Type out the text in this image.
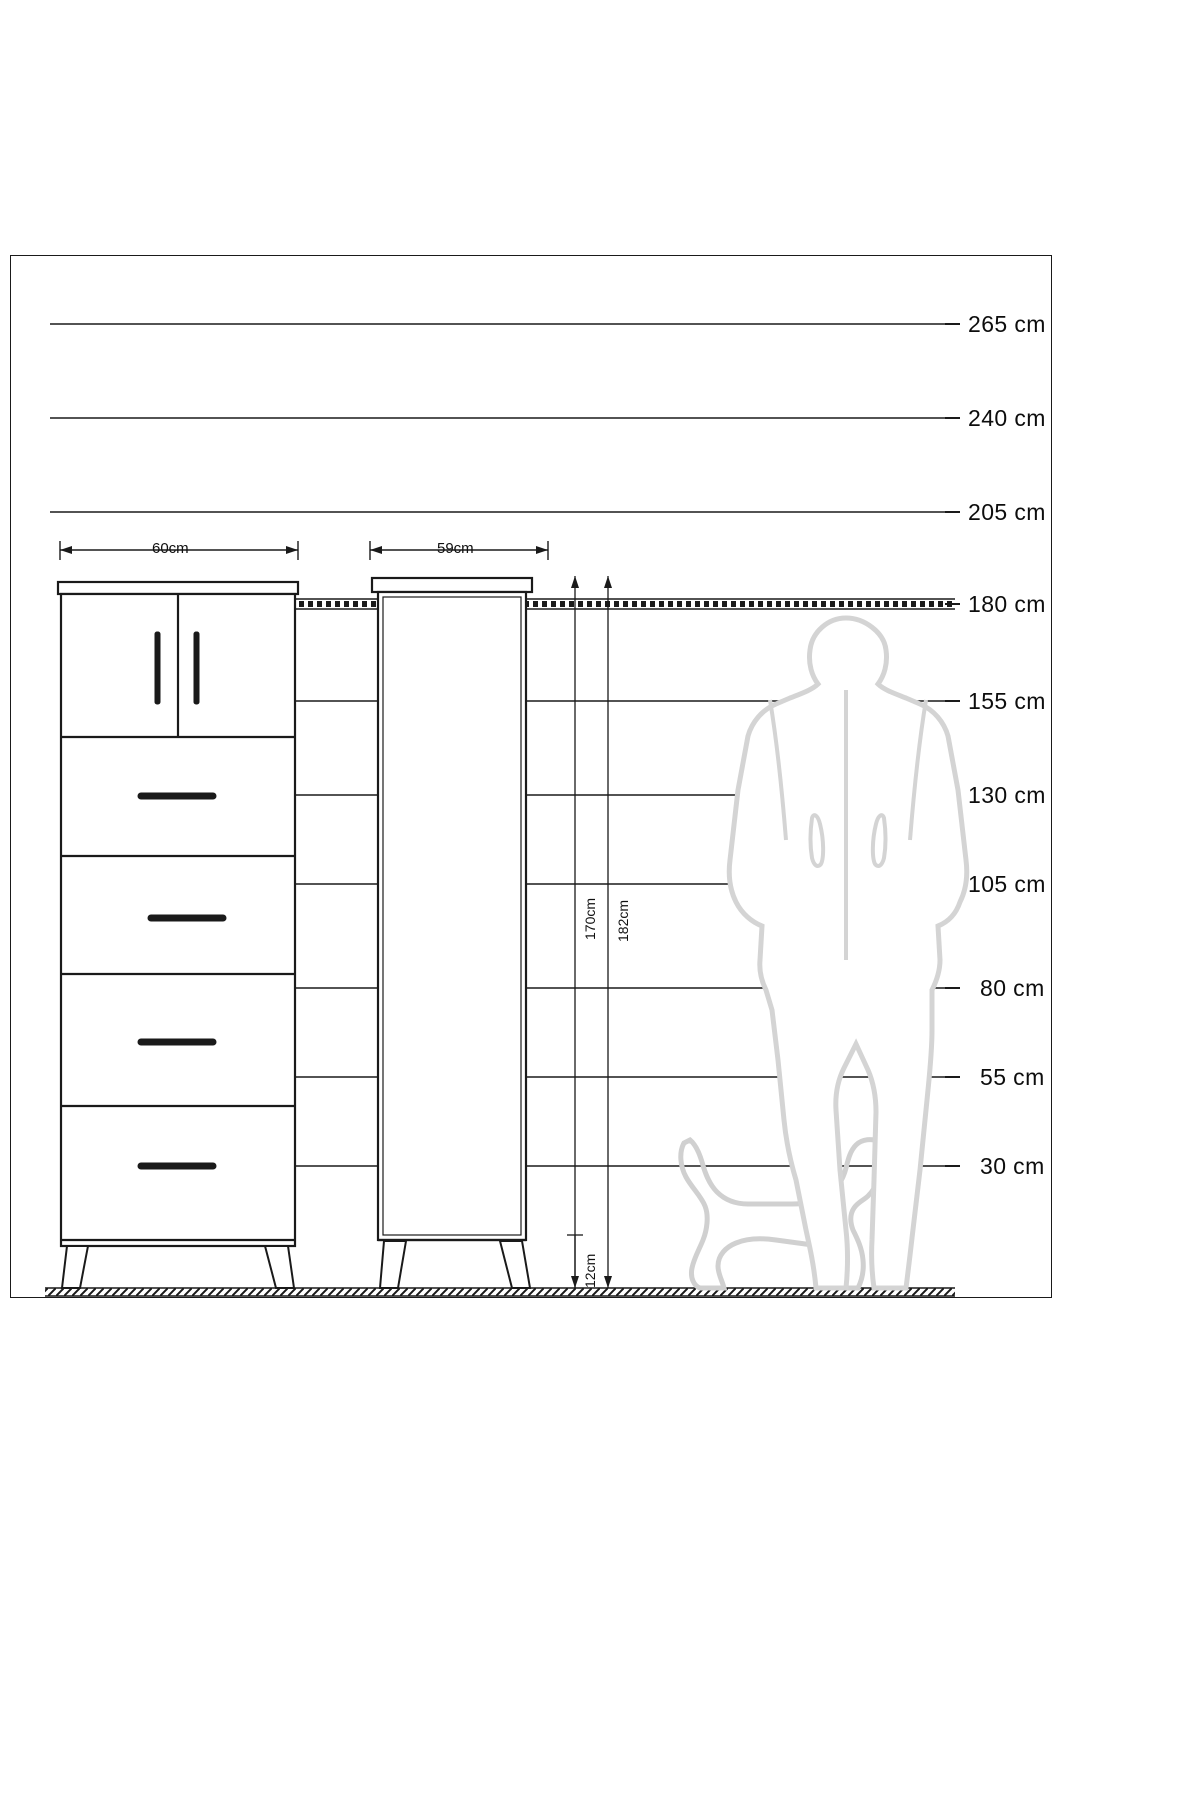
265 cm
240 cm
205 cm
180 cm
155 cm
130 cm
105 cm
80 cm
55 cm
30 cm
60cm	59cm
170cm 182cm
12cm
